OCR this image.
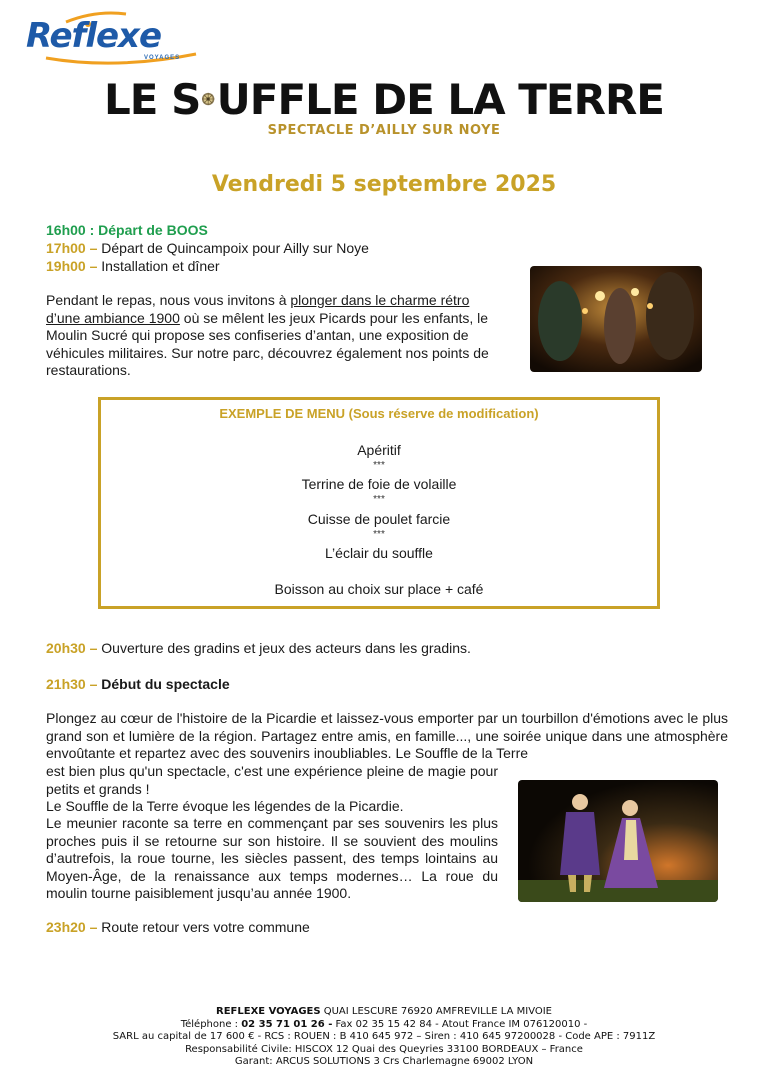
Reflexe
VOYAGES
LE S UFFLE DE LA TERRE
SPECTACLE D’AILLY SUR NOYE
Vendredi 5 septembre 2025
16h00 : Départ de BOOS
17h00 – Départ de Quincampoix pour Ailly sur Noye
19h00 – Installation et dîner
Pendant le repas, nous vous invitons à plonger dans le charme rétro d’une ambiance 1900 où se mêlent les jeux Picards pour les enfants, le Moulin Sucré qui propose ses confiseries d’antan, une exposition de véhicules militaires. Sur notre parc, découvrez également nos points de restaurations.
EXEMPLE DE MENU (Sous réserve de modification)
Apéritif
***
Terrine de foie de volaille
***
Cuisse de poulet farcie
***
L’éclair du souffle
Boisson au choix sur place + café
20h30 – Ouverture des gradins et jeux des acteurs dans les gradins.
21h30 – Début du spectacle
Plongez au cœur de l'histoire de la Picardie et laissez-vous emporter par un tourbillon d'émotions avec le plus grand son et lumière de la région. Partagez entre amis, en famille..., une soirée unique dans une atmosphère envoûtante et repartez avec des souvenirs inoubliables. Le Souffle de la Terre
est bien plus qu'un spectacle, c'est une expérience pleine de magie pour petits et grands !
Le Souffle de la Terre évoque les légendes de la Picardie.
Le meunier raconte sa terre en commençant par ses souvenirs les plus proches puis il se retourne sur son histoire. Il se souvient des moulins d’autrefois, la roue tourne, les siècles passent, des temps lointains au Moyen-Âge, de la renaissance aux temps modernes… La roue du moulin tourne paisiblement jusqu’au année 1900.
23h20 – Route retour vers votre commune
REFLEXE VOYAGES QUAI LESCURE 76920 AMFREVILLE LA MIVOIE
Téléphone : 02 35 71 01 26 - Fax 02 35 15 42 84 - Atout France IM 076120010 -
SARL au capital de 17 600 € - RCS : ROUEN : B 410 645 972 – Siren : 410 645 97200028 - Code APE : 7911Z
Responsabilité Civile: HISCOX 12 Quai des Queyries 33100 BORDEAUX – France
Garant: ARCUS SOLUTIONS 3 Crs Charlemagne 69002 LYON
